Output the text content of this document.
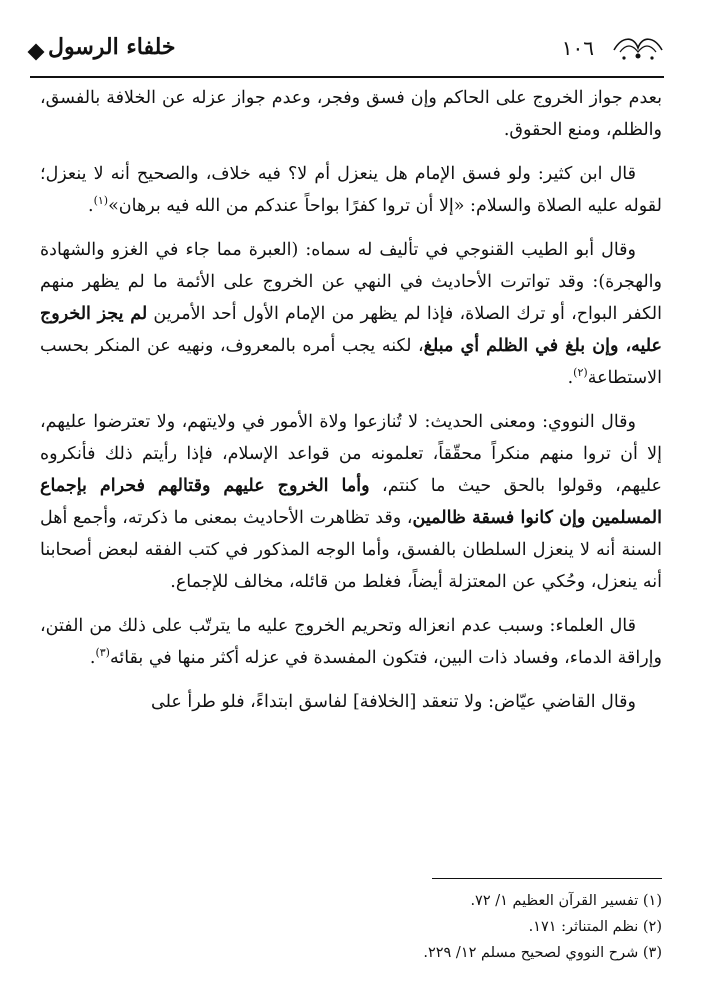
خلفاء الرسول	١٠٦

بعدم جواز الخروج على الحاكم وإن فسق وفجر، وعدم جواز عزله عن الخلافة بالفسق، والظلم، ومنع الحقوق.

قال ابن كثير: ولو فسق الإمام هل ينعزل أم لا؟ فيه خلاف، والصحيح أنه لا ينعزل؛ لقوله عليه الصلاة والسلام: «إلا أن تروا كفرًا بواحاً عندكم من الله فيه برهان»$^{(١)}$.

وقال أبو الطيب القنوجي في تأليف له سماه: (العبرة مما جاء في الغزو والشهادة والهجرة): وقد تواترت الأحاديث في النهي عن الخروج على الأئمة ما لم يظهر منهم الكفر البواح، أو ترك الصلاة، فإذا لم يظهر من الإمام الأول أحد الأمرين لم يجز الخروج عليه، وإن بلغ في الظلم أي مبلغ، لكنه يجب أمره بالمعروف، ونهيه عن المنكر بحسب الاستطاعة$^{(٢)}$.

وقال النووي: ومعنى الحديث: لا تُنازعوا ولاة الأمور في ولايتهم، ولا تعترضوا عليهم، إلا أن تروا منهم منكراً محقّقاً، تعلمونه من قواعد الإسلام، فإذا رأيتم ذلك فأنكروه عليهم، وقولوا بالحق حيث ما كنتم، وأما الخروج عليهم وقتالهم فحرام بإجماع المسلمين وإن كانوا فسقة ظالمين، وقد تظاهرت الأحاديث بمعنى ما ذكرته، وأجمع أهل السنة أنه لا ينعزل السلطان بالفسق، وأما الوجه المذكور في كتب الفقه لبعض أصحابنا أنه ينعزل، وحُكي عن المعتزلة أيضاً، فغلط من قائله، مخالف للإجماع.

قال العلماء: وسبب عدم انعزاله وتحريم الخروج عليه ما يترتّب على ذلك من الفتن، وإراقة الدماء، وفساد ذات البين، فتكون المفسدة في عزله أكثر منها في بقائه$^{(٣)}$.

وقال القاضي عيّاض: ولا تنعقد [الخلافة] لفاسق ابتداءً، فلو طرأ على

(١) تفسير القرآن العظيم ١/ ٧٢.
(٢) نظم المتناثر: ١٧١.
(٣) شرح النووي لصحيح مسلم ١٢/ ٢٢٩.
